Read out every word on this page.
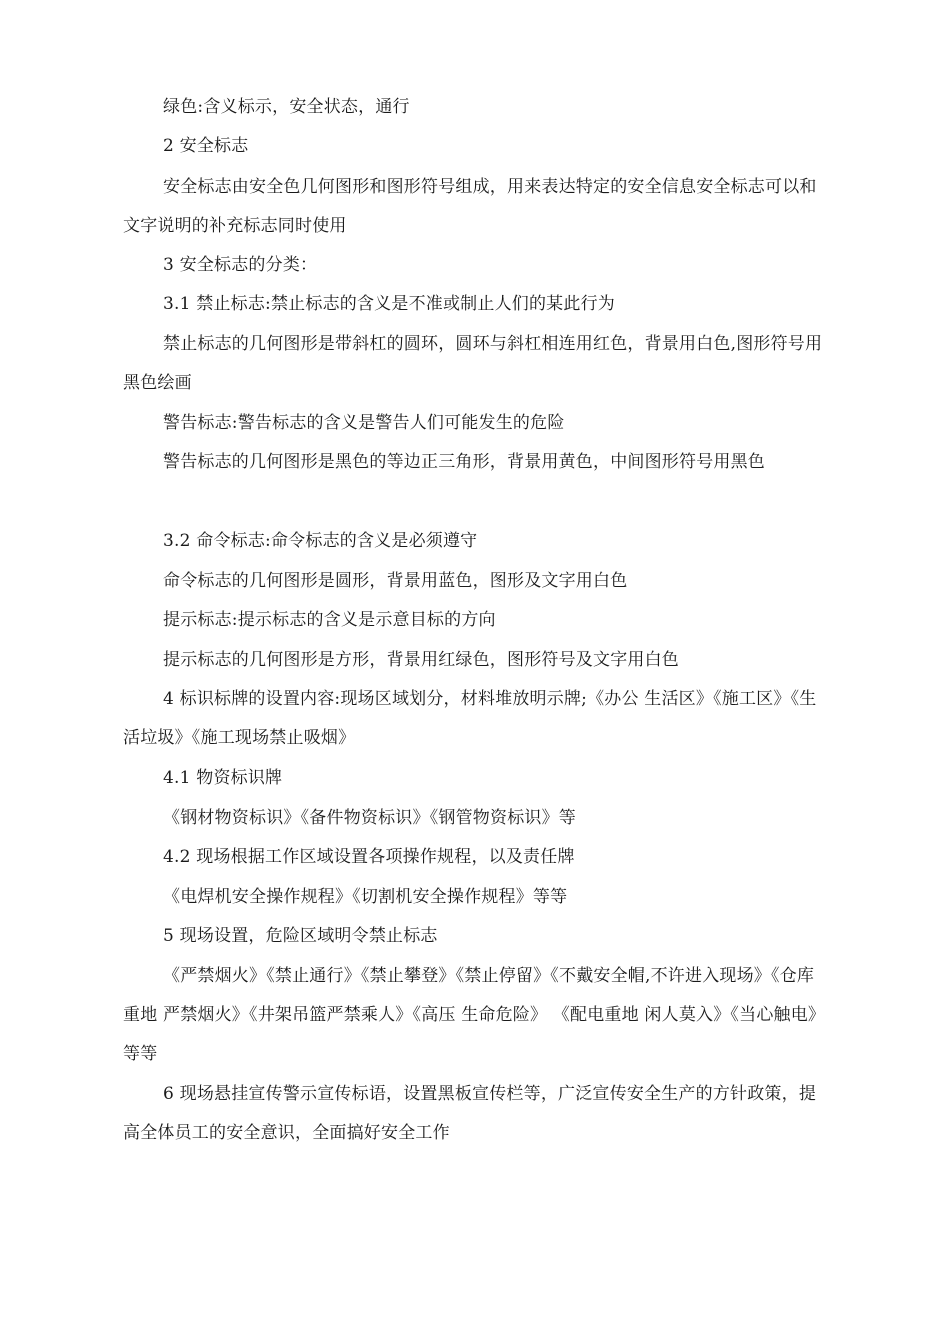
绿色:含义标示，安全状态，通行

2 安全标志

安全标志由安全色几何图形和图形符号组成，用来表达特定的安全信息安全标志可以和文字说明的补充标志同时使用

3 安全标志的分类：

3.1 禁止标志:禁止标志的含义是不准或制止人们的某此行为

禁止标志的几何图形是带斜杠的圆环，圆环与斜杠相连用红色，背景用白色,图形符号用黑色绘画

警告标志:警告标志的含义是警告人们可能发生的危险

警告标志的几何图形是黑色的等边正三角形，背景用黄色，中间图形符号用黑色

3.2 命令标志:命令标志的含义是必须遵守

命令标志的几何图形是圆形，背景用蓝色，图形及文字用白色

提示标志:提示标志的含义是示意目标的方向

提示标志的几何图形是方形，背景用红绿色，图形符号及文字用白色

4 标识标牌的设置内容:现场区域划分，材料堆放明示牌;《办公 生活区》《施工区》《生活垃圾》《施工现场禁止吸烟》

4.1 物资标识牌

《钢材物资标识》《备件物资标识》《钢管物资标识》等

4.2 现场根据工作区域设置各项操作规程，以及责任牌

《电焊机安全操作规程》《切割机安全操作规程》等等

5 现场设置，危险区域明令禁止标志

《严禁烟火》《禁止通行》《禁止攀登》《禁止停留》《不戴安全帽,不许进入现场》《仓库重地 严禁烟火》《井架吊篮严禁乘人》《高压 生命危险》 《配电重地 闲人莫入》《当心触电》等等

6 现场悬挂宣传警示宣传标语，设置黑板宣传栏等，广泛宣传安全生产的方针政策，提高全体员工的安全意识，全面搞好安全工作
